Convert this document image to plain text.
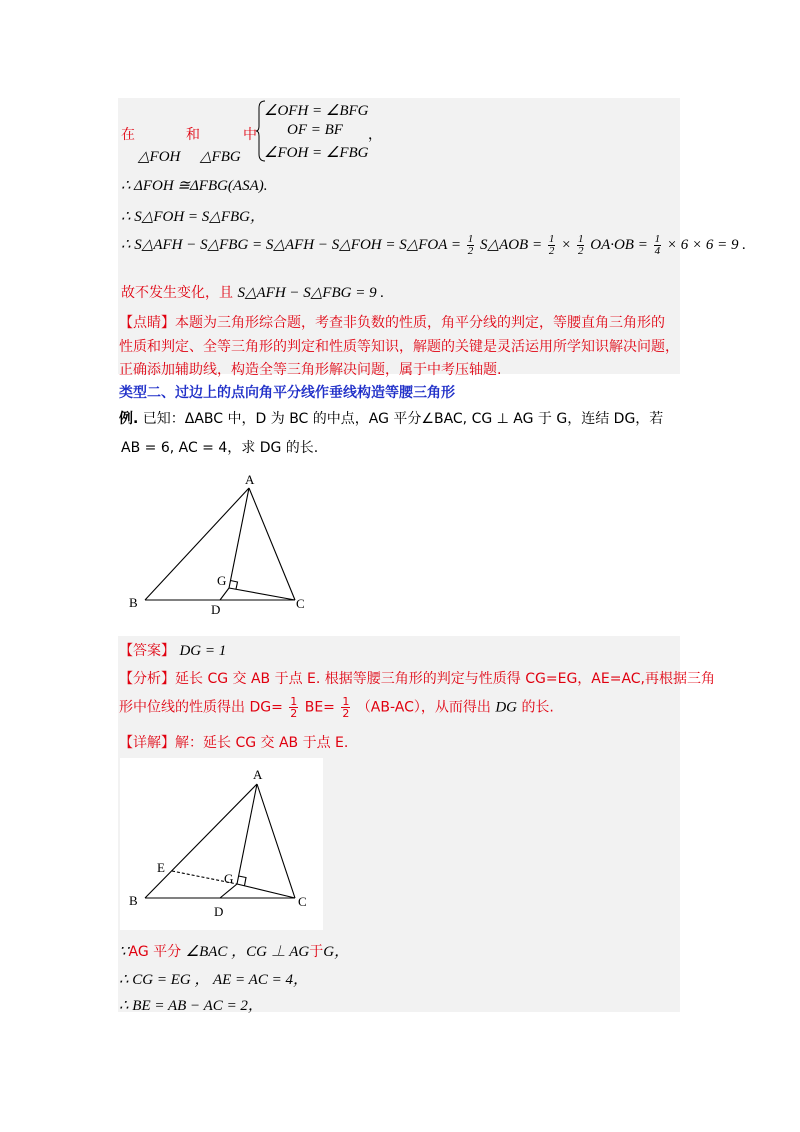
在	和	中
△FOH △FBG
∠OFH = ∠BFG
OF = BF
∠FOH = ∠FBG
，
∴ ΔFOH ≅ΔFBG(ASA).
∴ S△FOH = S△FBG，
∴ S△AFH − S△FBG = S△AFH − S△FOH = S△FOA = $\frac{1}{2}$ S△AOB = $\frac{1}{2} \times \frac{1}{2} OA\cdot OB = \frac{1}{4} \times 6 \times 6 = 9$ .
故不发生变化，且 S△AFH − S△FBG = 9 .
【点睛】本题为三角形综合题，考查非负数的性质，角平分线的判定，等腰直角三角形的
性质和判定、全等三角形的判定和性质等知识，解题的关键是灵活运用所学知识解决问题，
正确添加辅助线，构造全等三角形解决问题，属于中考压轴题.
类型二、过边上的点向角平分线作垂线构造等腰三角形
例. 已知：ΔABC 中，D 为 BC 的中点，AG 平分∠BAC, CG ⊥ AG 于 G，连结 DG，若
AB = 6, AC = 4，求 DG 的长.
A
B	C
D
G
【答案】 DG = 1
【分析】延长 CG 交 AB 于点 E. 根据等腰三角形的判定与性质得 CG=EG，AE=AC,再根据三角
形中位线的性质得出 $DG= \frac{1}{2} BE= \frac{1}{2} (AB-AC)$，从而得出 DG 的长.
【详解】解：延长 CG 交 AB 于点 E.
A
B	C
D
G
E
∵AG 平分 ∠BAC ，CG ⊥ AG于G，
∴ CG = EG ， AE = AC = 4，
∴ BE = AB − AC = 2，
